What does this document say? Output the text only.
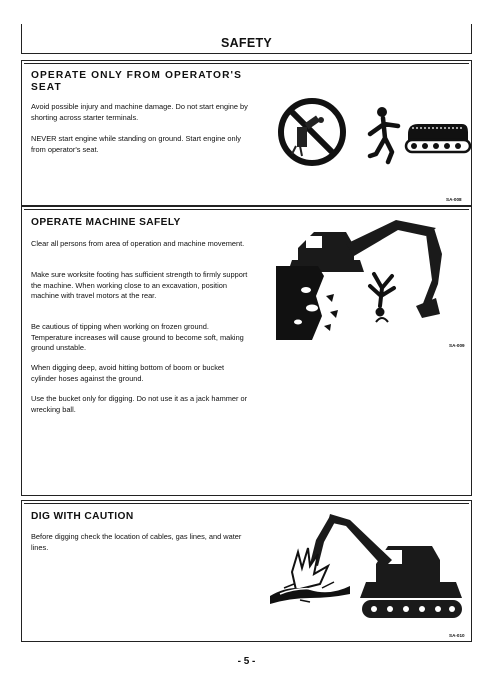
SAFETY
OPERATE ONLY FROM OPERATOR'S
SEAT
Avoid possible injury and machine damage. Do not start engine by shorting across starter terminals.
NEVER start engine while standing on ground. Start engine only from operator's seat.
SA-008
OPERATE MACHINE SAFELY
Clear all persons from area of operation and machine movement.
Make sure worksite footing has sufficient strength to firmly support the machine. When working close to an excavation, position machine with travel motors at the rear.
Be cautious of tipping when working on frozen ground. Temperature increases will cause ground to become soft, making ground unstable.
When digging deep, avoid hitting bottom of boom or bucket cylinder hoses against the ground.
Use the bucket only for digging. Do not use it as a jack hammer or wrecking ball.
SA-009
DIG WITH CAUTION
Before digging check the location of cables, gas lines, and water lines.
SA-010
- 5 -
